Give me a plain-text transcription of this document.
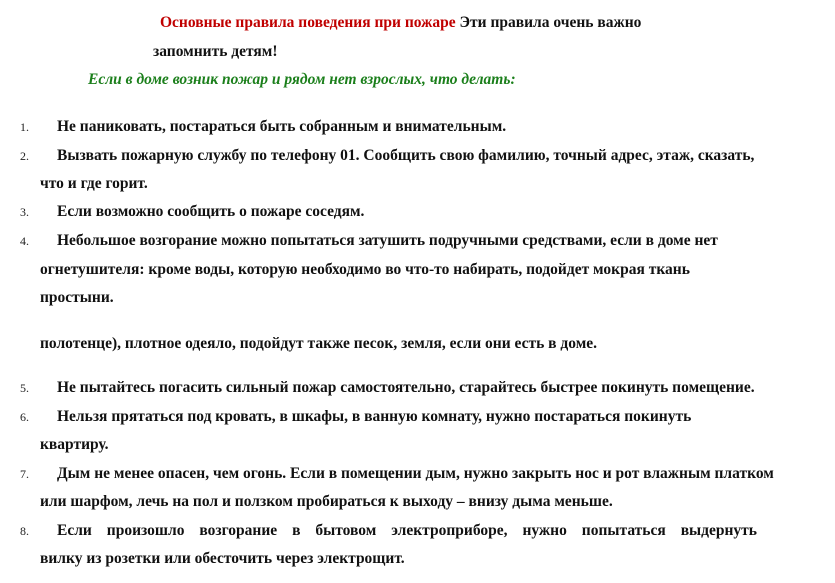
Основные правила поведения при пожаре Эти правила очень важно
запомнить детям!
Если в доме возник пожар и рядом нет взрослых, что делать:
1. Не паниковать, постараться быть собранным и внимательным.
2. Вызвать пожарную службу по телефону 01. Сообщить свою фамилию, точный адрес, этаж, сказать,
что и где горит.
3. Если возможно сообщить о пожаре соседям.
4. Небольшое возгорание можно попытаться затушить подручными средствами, если в доме нет
огнетушителя: кроме воды, которую необходимо во что-то набирать, подойдет мокрая ткань
простыни.
полотенце), плотное одеяло, подойдут также песок, земля, если они есть в доме.
5. Не пытайтесь погасить сильный пожар самостоятельно, старайтесь быстрее покинуть помещение.
6. Нельзя прятаться под кровать, в шкафы, в ванную комнату, нужно постараться покинуть
квартиру.
7. Дым не менее опасен, чем огонь. Если в помещении дым, нужно закрыть нос и рот влажным платком
или шарфом, лечь на пол и ползком пробираться к выходу – внизу дыма меньше.
8. Если произошло возгорание в бытовом электроприборе, нужно попытаться выдернуть
вилку из розетки или обесточить через электрощит.
